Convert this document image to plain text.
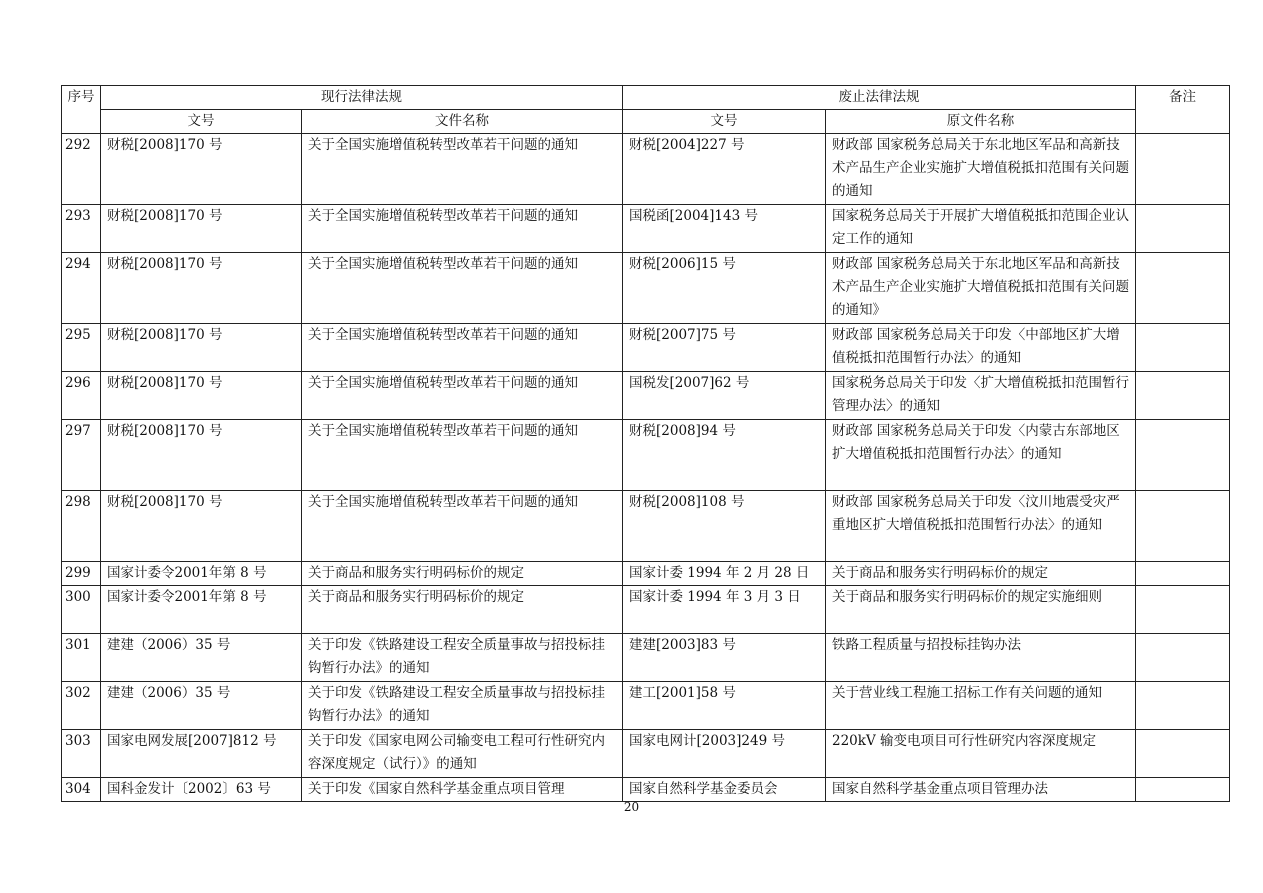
序号	现行法律法规		废止法律法规		备注
	文号	文件名称	文号	原文件名称	
292	财税[2008]170 号	关于全国实施增值税转型改革若干问题的通知	财税[2004]227 号	财政部 国家税务总局关于东北地区军品和高新技术产品生产企业实施扩大增值税抵扣范围有关问题的通知	
293	财税[2008]170 号	关于全国实施增值税转型改革若干问题的通知	国税函[2004]143 号	国家税务总局关于开展扩大增值税抵扣范围企业认定工作的通知	
294	财税[2008]170 号	关于全国实施增值税转型改革若干问题的通知	财税[2006]15 号	财政部 国家税务总局关于东北地区军品和高新技术产品生产企业实施扩大增值税抵扣范围有关问题的通知》	
295	财税[2008]170 号	关于全国实施增值税转型改革若干问题的通知	财税[2007]75 号	财政部 国家税务总局关于印发〈中部地区扩大增值税抵扣范围暂行办法〉的通知	
296	财税[2008]170 号	关于全国实施增值税转型改革若干问题的通知	国税发[2007]62 号	国家税务总局关于印发〈扩大增值税抵扣范围暂行管理办法〉的通知	
297	财税[2008]170 号	关于全国实施增值税转型改革若干问题的通知	财税[2008]94 号	财政部 国家税务总局关于印发〈内蒙古东部地区扩大增值税抵扣范围暂行办法〉的通知	
298	财税[2008]170 号	关于全国实施增值税转型改革若干问题的通知	财税[2008]108 号	财政部 国家税务总局关于印发〈汶川地震受灾严重地区扩大增值税抵扣范围暂行办法〉的通知	
299	国家计委令2001年第 8 号	关于商品和服务实行明码标价的规定	国家计委 1994 年 2 月 28 日	关于商品和服务实行明码标价的规定	
300	国家计委令2001年第 8 号	关于商品和服务实行明码标价的规定	国家计委 1994 年 3 月 3 日	关于商品和服务实行明码标价的规定实施细则	
301	建建（2006）35 号	关于印发《铁路建设工程安全质量事故与招投标挂钩暂行办法》的通知	建建[2003]83 号	铁路工程质量与招投标挂钩办法	
302	建建（2006）35 号	关于印发《铁路建设工程安全质量事故与招投标挂钩暂行办法》的通知	建工[2001]58 号	关于营业线工程施工招标工作有关问题的通知	
303	国家电网发展[2007]812 号	关于印发《国家电网公司输变电工程可行性研究内容深度规定（试行）》的通知	国家电网计[2003]249 号	220kV 输变电项目可行性研究内容深度规定	
304	国科金发计〔2002〕63 号	关于印发《国家自然科学基金重点项目管理	国家自然科学基金委员会	国家自然科学基金重点项目管理办法	
20
